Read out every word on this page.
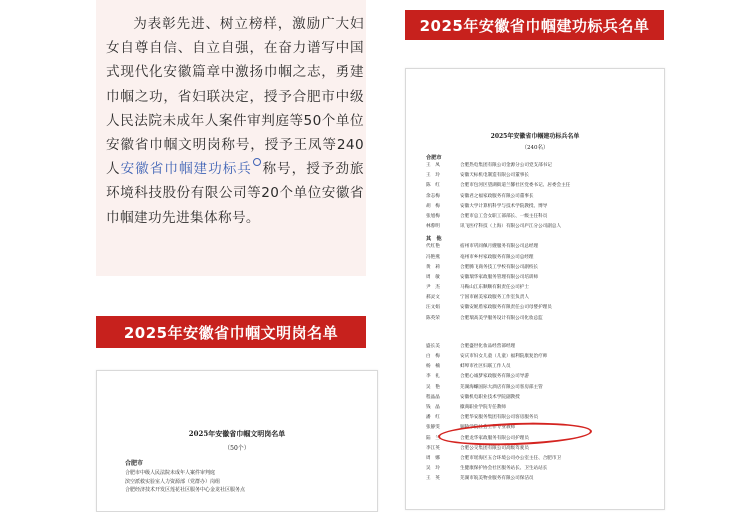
为表彰先进、树立榜样，激励广大妇女自尊自信、自立自强，在奋力谱写中国式现代化安徽篇章中激扬巾帼之志，勇建巾帼之功，省妇联决定，授予合肥市中级人民法院未成年人案件审判庭等50个单位安徽省巾帼文明岗称号，授予王凤等240人安徽省巾帼建功标兵 称号，授予劲旅环境科技股份有限公司等20个单位安徽省巾帼建功先进集体称号。

2025年安徽省巾帼建功标兵名单
2025年安徽省巾帼文明岗名单
2025年安徽省巾帼建功标兵名单
（240名）
合肥市
王　凤	合肥热电集团有限公司金源分公司党支部书记
王　玲	安徽天标机电制造有限公司董事长
陈　红	合肥市包河区望湖街道兰馨社区党委书记、居委会主任
余志梅	安徽君之福家政服务有限公司董事长
胡　梅	安徽大学计算机科学与技术学院教授、博导
张旭梅	合肥市总工会女职工部部长、一级主任科员
林蓉明	讯飞医疗科技（上海）有限公司庐江分公司副总人
其　他
代红艳	宿州市巩同佩月嫂服务有限公司总经理
冯艳燕	亳州市乡村家政服务有限公司总经理
黄　莉	合肥腾飞商务技工学校有限公司副校长
周　敏	安徽瑞华家政服务管理有限公司培训师
尹　杰	马鞍山江东顺顺有限责任公司护士
郝灵文	宁国市耐美家政服务工作室负责人
汪文娟	安徽安妮盾家政服务有限责任公司母婴护理员
陈英荣	合肥瑞高美学服务设计有限公司化妆总监
盛长美	合肥盛世化妆品经营部经理
白　梅	安庆市妇女儿童（儿童）福利院康复治疗师
杨　楠	蚌埠市社区妇联工作人员
李　礼	合肥心诚梦家政服务有限公司导游
吴　艳	芜湖海螺国际大酒店有限公司客房部主管
程晶晶	安徽机电职业技术学院副教授
钱　晶	徽商职业学院专任教师
潘　红	合肥华安服务集团有限公司客房服务员
张静雯	铜陵学院社会工作专业教师
陆　兰	合肥龙华家政服务有限公司护理员
李江英	合肥公交集团有限公司高级驾驶员
周　娜	合肥市瑶海区五合环境公司办公室主任、合肥市卫
吴　玲	生健康保护协会社区服务站长、卫生站站长
王　英	芜湖市皖美物业服务有限公司保洁员
2025年安徽省巾帼文明岗名单
（50个）
合肥市
合肥市中级人民法院未成年人案件审判庭
滨空派救实验室人力资源部（党群办）岗组
合肥经济技术开发区莲花社区服务中心金龙社区服务点
